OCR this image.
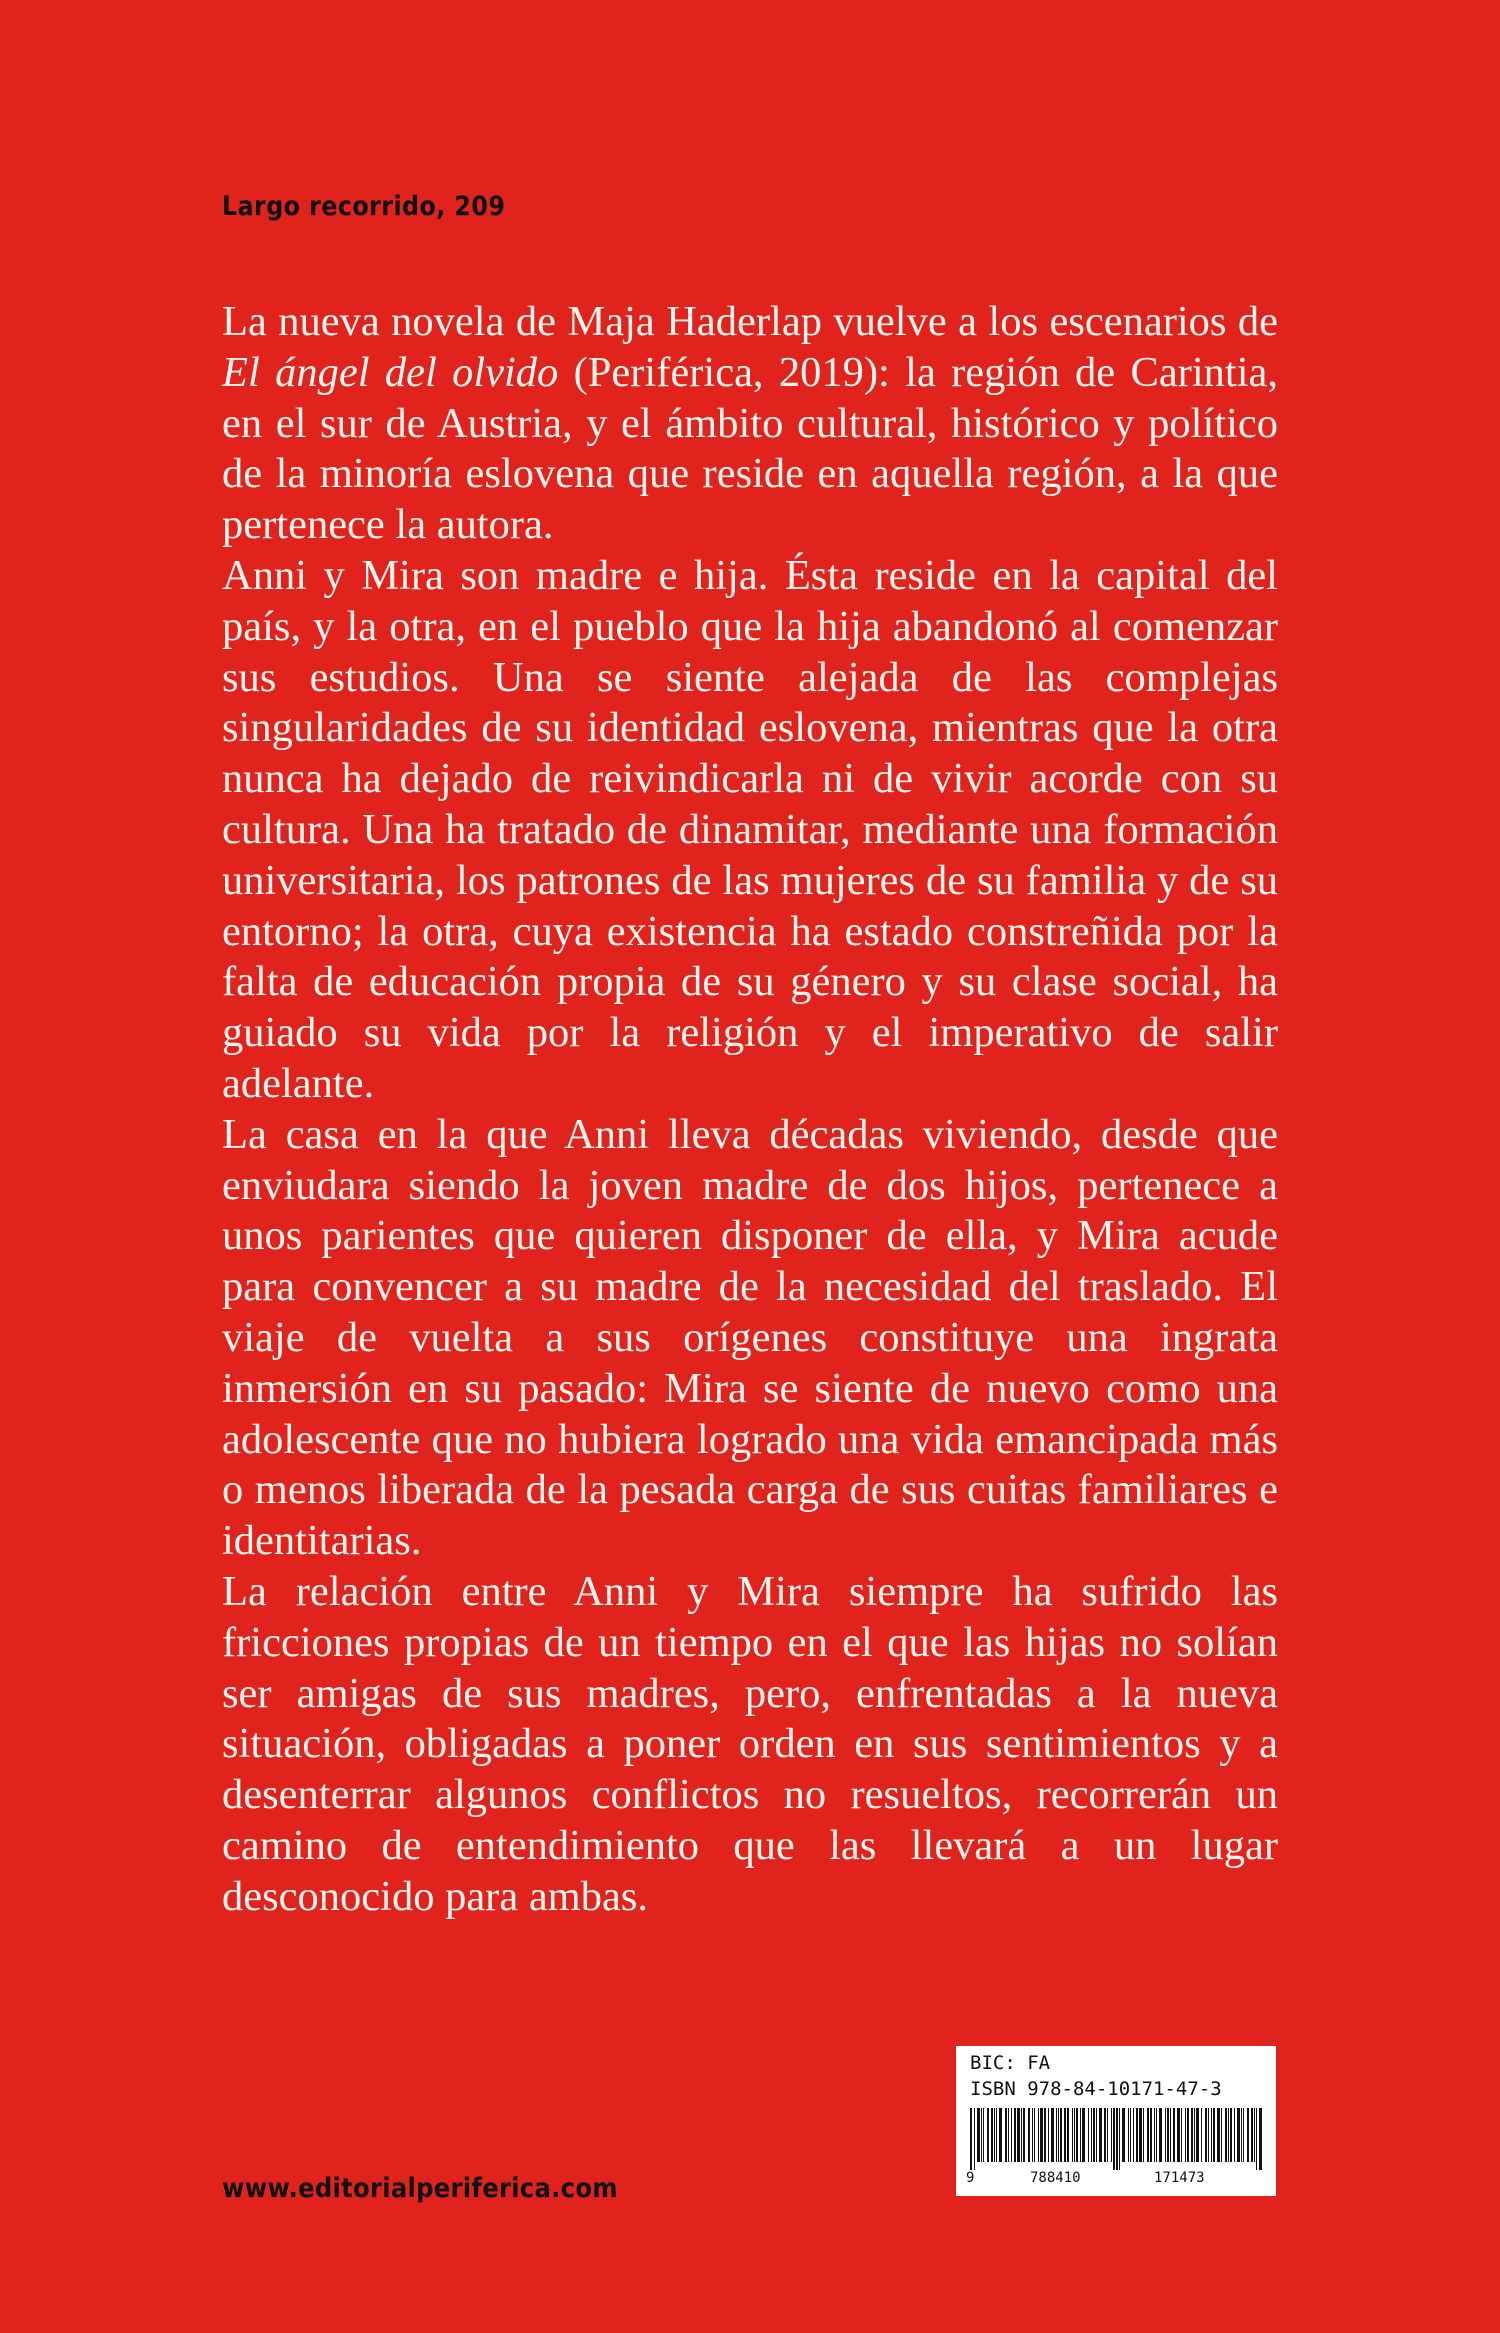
Largo recorrido, 209

La nueva novela de Maja Haderlap vuelve a los escenarios de El ángel del olvido (Periférica, 2019): la región de Carintia, en el sur de Austria, y el ámbito cultural, histórico y político de la minoría eslovena que reside en aquella región, a la que pertenece la autora.

Anni y Mira son madre e hija. Ésta reside en la capital del país, y la otra, en el pueblo que la hija abandonó al comenzar sus estudios. Una se siente alejada de las complejas singularidades de su identidad eslovena, mientras que la otra nunca ha dejado de reivindicarla ni de vivir acorde con su cultura. Una ha tratado de dinamitar, mediante una formación universitaria, los patrones de las mujeres de su familia y de su entorno; la otra, cuya existencia ha estado constreñida por la falta de educación propia de su género y su clase social, ha guiado su vida por la religión y el imperativo de salir adelante.

La casa en la que Anni lleva décadas viviendo, desde que enviudara siendo la joven madre de dos hijos, pertenece a unos parientes que quieren disponer de ella, y Mira acude para convencer a su madre de la necesidad del traslado. El viaje de vuelta a sus orígenes constituye una ingrata inmersión en su pasado: Mira se siente de nuevo como una adolescente que no hubiera logrado una vida emancipada más o menos liberada de la pesada carga de sus cuitas familiares e identitarias.

La relación entre Anni y Mira siempre ha sufrido las fricciones propias de un tiempo en el que las hijas no solían ser amigas de sus madres, pero, enfrentadas a la nueva situación, obligadas a poner orden en sus sentimientos y a desenterrar algunos conflictos no resueltos, recorrerán un camino de entendimiento que las llevará a un lugar desconocido para ambas.

www.editorialperiferica.com
BIC: FA
ISBN 978-84-10171-47-3
9	788410	171473
